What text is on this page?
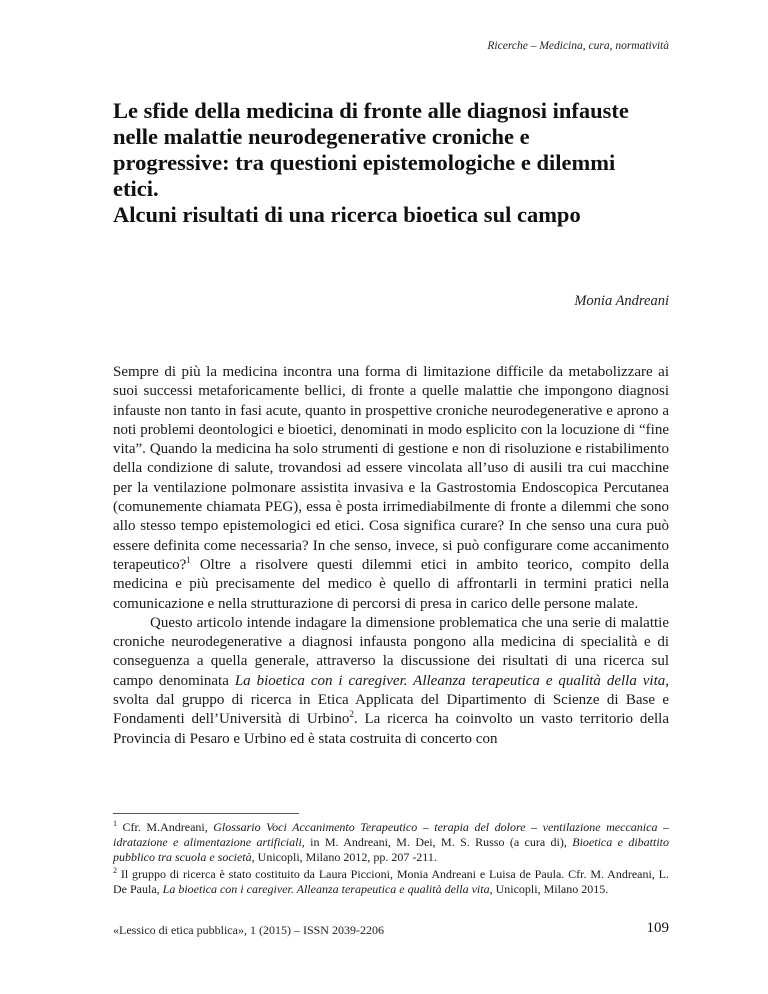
Ricerche – Medicina, cura, normatività
Le sfide della medicina di fronte alle diagnosi infauste
nelle malattie neurodegenerative croniche e
progressive: tra questioni epistemologiche e dilemmi
etici.
Alcuni risultati di una ricerca bioetica sul campo
Monia Andreani

Sempre di più la medicina incontra una forma di limitazione difficile da metabolizzare ai suoi successi metaforicamente bellici, di fronte a quelle malattie che impongono diagnosi infauste non tanto in fasi acute, quanto in prospettive croniche neurodegenerative e aprono a noti problemi deontologici e bioetici, denominati in modo esplicito con la locuzione di “fine vita”. Quando la medicina ha solo strumenti di gestione e non di risoluzione e ristabilimento della condizione di salute, trovandosi ad essere vincolata all’uso di ausili tra cui macchine per la ventilazione polmonare assistita invasiva e la Gastrostomia Endoscopica Percutanea (comunemente chiamata PEG), essa è posta irrimediabilmente di fronte a dilemmi che sono allo stesso tempo epistemologici ed etici. Cosa significa curare? In che senso una cura può essere definita come necessaria? In che senso, invece, si può configurare come accanimento terapeutico?$^1$ Oltre a risolvere questi dilemmi etici in ambito teorico, compito della medicina e più precisamente del medico è quello di affrontarli in termini pratici nella comunicazione e nella strutturazione di percorsi di presa in carico delle persone malate.

Questo articolo intende indagare la dimensione problematica che una serie di malattie croniche neurodegenerative a diagnosi infausta pongono alla medicina di specialità e di conseguenza a quella generale, attraverso la discussione dei risultati di una ricerca sul campo denominata La bioetica con i caregiver. Alleanza terapeutica e qualità della vita, svolta dal gruppo di ricerca in Etica Applicata del Dipartimento di Scienze di Base e Fondamenti dell’Università di Urbino$^2$. La ricerca ha coinvolto un vasto territorio della Provincia di Pesaro e Urbino ed è stata costruita di concerto con

$^1$ Cfr. M.Andreani, Glossario Voci Accanimento Terapeutico – terapia del dolore – ventilazione meccanica – idratazione e alimentazione artificiali, in M. Andreani, M. Dei, M. S. Russo (a cura di), Bioetica e dibattito pubblico tra scuola e società, Unicopli, Milano 2012, pp. 207 -211.

$^2$ Il gruppo di ricerca è stato costituito da Laura Piccioni, Monia Andreani e Luisa de Paula. Cfr. M. Andreani, L. De Paula, La bioetica con i caregiver. Alleanza terapeutica e qualità della vita, Unicopli, Milano 2015.

«Lessico di etica pubblica», 1 (2015) – ISSN 2039-2206	109
